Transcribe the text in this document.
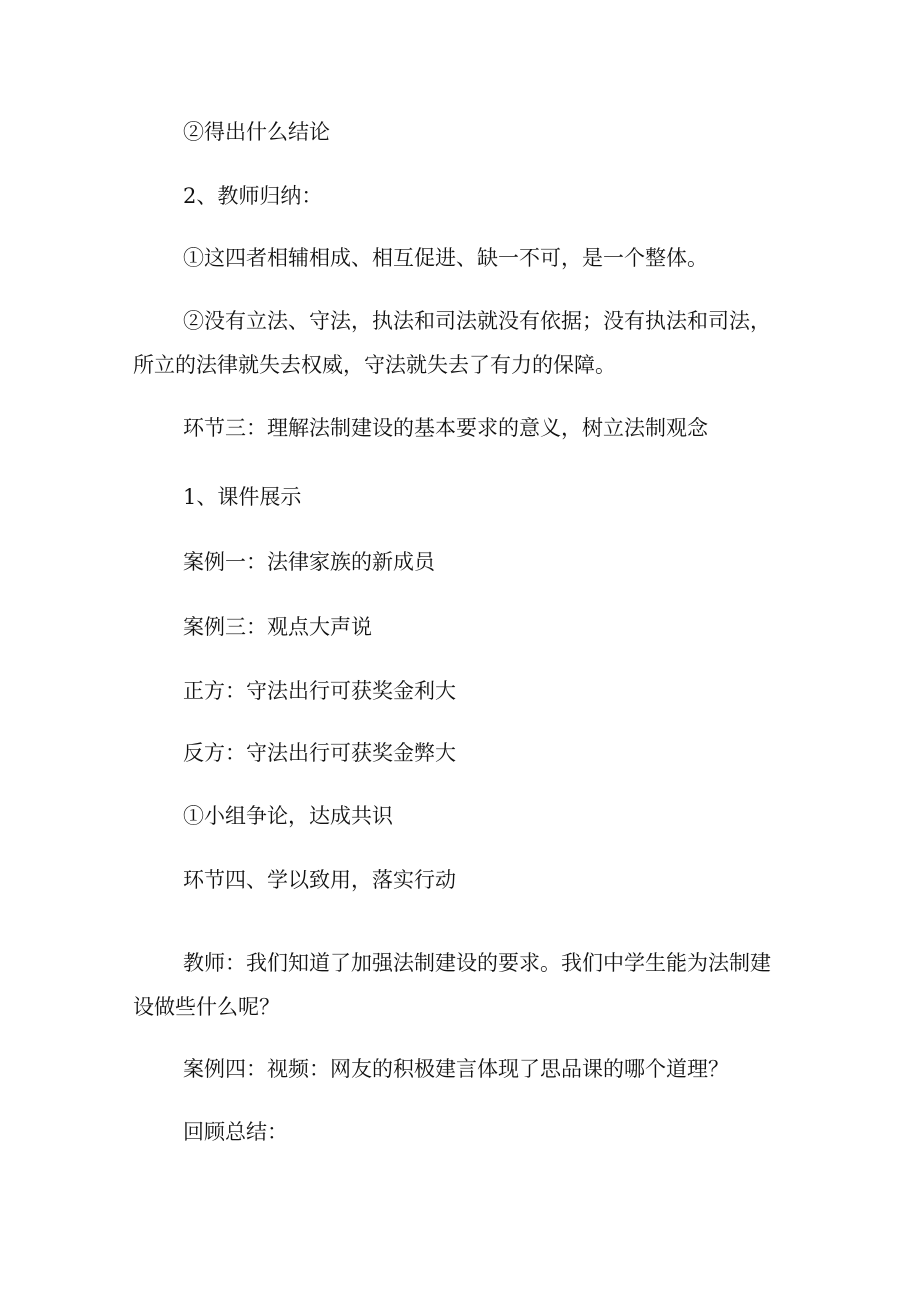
②得出什么结论
2、教师归纳：
①这四者相辅相成、相互促进、缺一不可，是一个整体。
②没有立法、守法，执法和司法就没有依据；没有执法和司法，
所立的法律就失去权威，守法就失去了有力的保障。
环节三：理解法制建设的基本要求的意义，树立法制观念
1、课件展示
案例一：法律家族的新成员
案例三：观点大声说
正方：守法出行可获奖金利大
反方：守法出行可获奖金弊大
①小组争论，达成共识
环节四、学以致用，落实行动
教师：我们知道了加强法制建设的要求。我们中学生能为法制建
设做些什么呢？
案例四：视频：网友的积极建言体现了思品课的哪个道理？
回顾总结：
